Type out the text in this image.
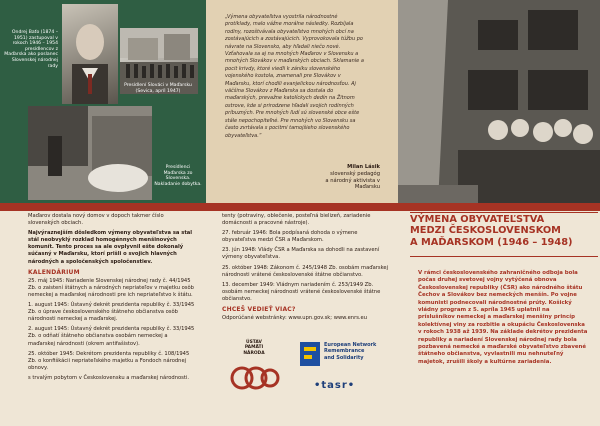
Ondrej Baťo (1874 – 1951) zastupoval v rokoch 1946 – 1954 presídlencov z Maďarska ako poslanec Slovenskej národnej rady
Presídlení Slováci v Maďarsku (Sevica, apríl 1947)
Presídlenci Maďarska zo Slovenska. Nakladanie dobytka.
„Výmena obyvateľstva vyostrila národnostné protiklady, malo vážne morálne následky. Rozbíjala rodiny, rozoštvávala obyvateľstvo mnohých obcí na zostávajúcich a zostávajúcich. Vyprovokovala túžbu po návrate na Slovensko, aby hľadali niečo nové. Vzťahovala sa aj na mnohých Maďarov v Slovensku a mnohých Slovákov v maďarských obciach. Sklamanie a pocit krivdy, ktoré viedli k zániku slovenského vojenského kostola, znamenali pre Slovákov v Maďarsku, ktorí chodili evanjelickou národnosťou. Aj väčšina Slovákov z Maďarska sa dostala do maďarských, prevažne katolíckych dedín na Žitnom ostrove, kde si prirodzene hľadali svojich rodinných príbuzných. Pre mnohých ľudí sú slovenské obce ešte stále nepochopiteľné. Pre mnohých vo Slovensku sa často zvrtávala s pocitmi tamojšieho slovenského obyvateľstva.“
Milan Lásik
slovenský pedagóg
a národný aktivista v Maďarsku

Maďarov dostala nový domov v dopoch takmer číslo slovenských obciach.

Najvýraznejším dôsledkom výmeny obyvateľstva sa stal stál neobvyklý rozklad homogénnych menšinových komunít. Tento proces sa ale ovplyvnil ešte dokonalý súčasný v Maďarsku, ktorí prišli o svojich hlavných národných a spoločenských spoločenstiev.

KALENDÁRIUM

25. máj 1945: Nariadenie Slovenskej národnej rady č. 44/1945 Zb. o zaistení štátnych a národných nepriateľov v majetku osôb nemeckej a maďarskej národnosti pre ich nepriateľstvo k štátu.

1. august 1945: Ústavný dekrét prezidenta republiky č. 33/1945 Zb. o úprave československého štátneho občianstva osôb národnosti nemeckej a maďarskej.

2. august 1945: Ústavný dekrét prezidenta republiky č. 33/1945 Zb. o odňatí štátneho občianstva osobám nemeckej a maďarskej národnosti (okrem antifašistov).

25. október 1945: Dekrétom prezidenta republiky č. 108/1945 Zb. o konfiškácii nepriateľského majetku a Fondoch národnej obnovy.

s trvalým pobytom v Československu a maďarskej národnosti.

tenty (potraviny, oblečenie, posteľná bielizeň, zariadenie domácnosti a pracovné nástroje).

27. február 1946: Bola podpísaná dohoda o výmene obyvateľstva medzi ČSR a Maďarskom.

23. jún 1948: Vlády ČSR a Maďarska sa dohodli na zastavení výmeny obyvateľstva.

25. október 1948: Zákonom č. 245/1948 Zb. osobám maďarskej národnosti vrátené československé štátne občianstvo.

13. december 1949: Vládnym nariadením č. 253/1949 Zb. osobám nemeckej národnosti vrátené československé štátne občianstvo.

CHCEŠ VEDIEŤ VIAC?

Odporúčané webstránky: www.upn.gov.sk; www.enrs.eu

ÚSTAV
PAMÄTI
NÁRODA
European Network
Remembrance
and Solidarity
•tasr•
VÝMENA OBYVATEĽSTVA
MEDZI ČESKOSLOVENSKOM
A MAĎARSKOM (1946 – 1948)
V rámci československého zahraničného odboja bola počas druhej svetovej vojny vytýčená obnova Československej republiky (ČSR) ako národného štátu Čechov a Slovákov bez nemeckých menšín. Po vojne komunisti podnecovali národnostné prúty. Košický vládny program z 5. apríla 1945 uplatnil na príslušníkov nemeckej a maďarskej menšiny princíp kolektívnej viny za rozbitie a okupáciu Československa v rokoch 1938 až 1939. Na základe dekrétov prezidenta republiky a nariadení Slovenskej národnej rady bola pozbavená nemecké a maďarské obyvateľstvo zbavené štátneho občianstva, vyvlastnili mu nehnuteľný majetok, zrušili školy a kultúrne zariadenia.
